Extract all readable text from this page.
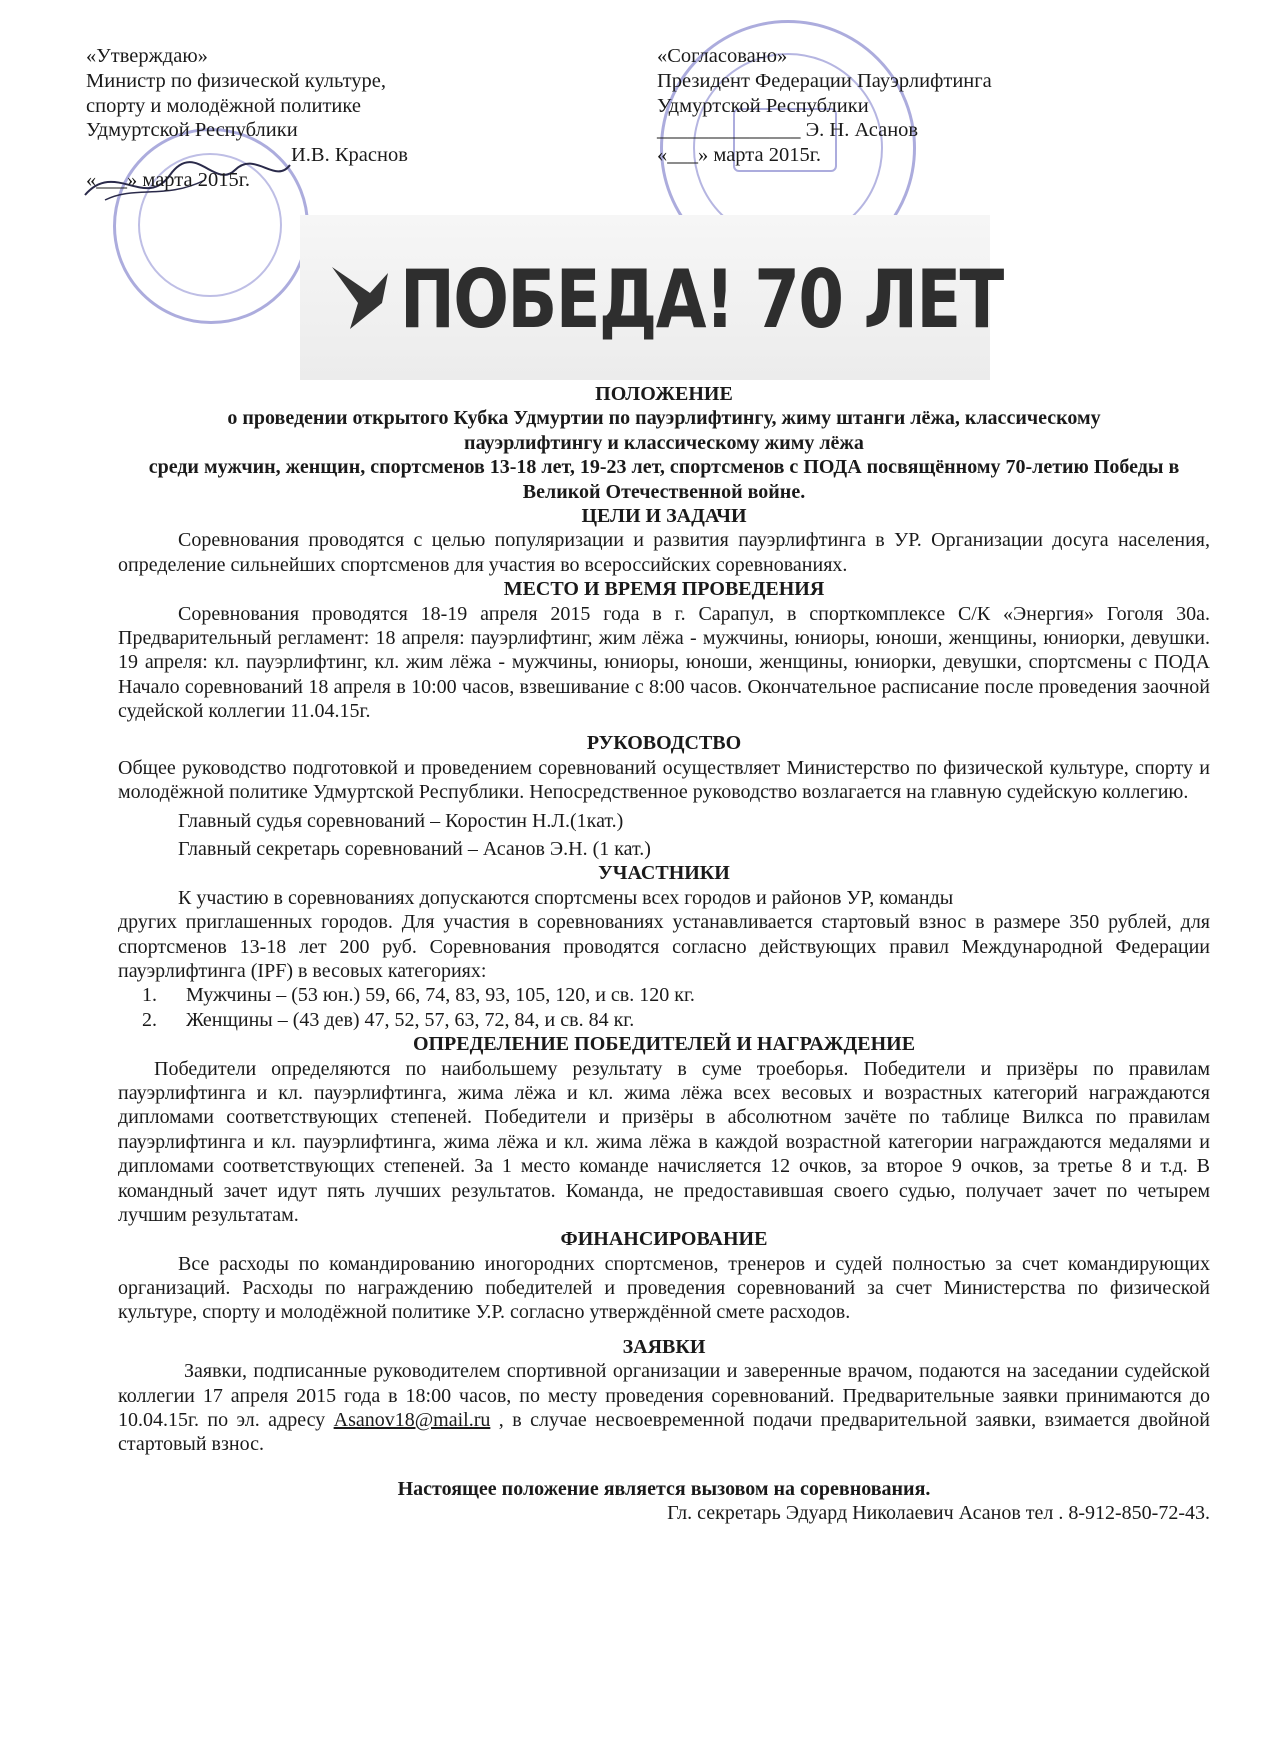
«Утверждаю»
Министр по физической культуре,
спорту и молодёжной политике
Удмуртской Республики
И.В. Краснов
«___» марта 2015г.
«Согласовано»
Президент Федерации Пауэрлифтинга
Удмуртской Республики
______________ Э. Н. Асанов
«___» марта 2015г.
ПОБЕДА! 70 ЛЕТ
ПОЛОЖЕНИЕ
о проведении открытого Кубка Удмуртии по пауэрлифтингу, жиму штанги лёжа, классическому пауэрлифтингу и классическому жиму лёжа
среди мужчин, женщин, спортсменов 13-18 лет, 19-23 лет, спортсменов с ПОДА посвящённому 70-летию Победы в Великой Отечественной войне.
ЦЕЛИ И ЗАДАЧИ

Соревнования проводятся с целью популяризации и развития пауэрлифтинга в УР. Организации досуга населения, определение сильнейших спортсменов для участия во всероссийских соревнованиях.

МЕСТО И ВРЕМЯ ПРОВЕДЕНИЯ

Соревнования проводятся 18-19 апреля 2015 года в г. Сарапул, в спорткомплексе С/К «Энергия» Гоголя 30а. Предварительный регламент: 18 апреля: пауэрлифтинг, жим лёжа - мужчины, юниоры, юноши, женщины, юниорки, девушки. 19 апреля: кл. пауэрлифтинг, кл. жим лёжа - мужчины, юниоры, юноши, женщины, юниорки, девушки, спортсмены с ПОДА Начало соревнований 18 апреля в 10:00 часов, взвешивание с 8:00 часов. Окончательное расписание после проведения заочной судейской коллегии 11.04.15г.

РУКОВОДСТВО

Общее руководство подготовкой и проведением соревнований осуществляет Министерство по физической культуре, спорту и молодёжной политике Удмуртской Республики. Непосредственное руководство возлагается на главную судейскую коллегию.

Главный судья соревнований – Коростин Н.Л.(1кат.)

Главный секретарь соревнований – Асанов Э.Н. (1 кат.)

УЧАСТНИКИ

К участию в соревнованиях допускаются спортсмены всех городов и районов УР, команды

других приглашенных городов. Для участия в соревнованиях устанавливается стартовый взнос в размере 350 рублей, для спортсменов 13-18 лет 200 руб. Соревнования проводятся согласно действующих правил Международной Федерации пауэрлифтинга (IPF) в весовых категориях:

1. Мужчины – (53 юн.) 59, 66, 74, 83, 93, 105, 120, и св. 120 кг.
2. Женщины – (43 дев) 47, 52, 57, 63, 72, 84, и св. 84 кг.
ОПРЕДЕЛЕНИЕ ПОБЕДИТЕЛЕЙ И НАГРАЖДЕНИЕ

Победители определяются по наибольшему результату в суме троеборья. Победители и призёры по правилам пауэрлифтинга и кл. пауэрлифтинга, жима лёжа и кл. жима лёжа всех весовых и возрастных категорий награждаются дипломами соответствующих степеней. Победители и призёры в абсолютном зачёте по таблице Вилкса по правилам пауэрлифтинга и кл. пауэрлифтинга, жима лёжа и кл. жима лёжа в каждой возрастной категории награждаются медалями и дипломами соответствующих степеней. За 1 место команде начисляется 12 очков, за второе 9 очков, за третье 8 и т.д. В командный зачет идут пять лучших результатов. Команда, не предоставившая своего судью, получает зачет по четырем лучшим результатам.

ФИНАНСИРОВАНИЕ

Все расходы по командированию иногородних спортсменов, тренеров и судей полностью за счет командирующих организаций. Расходы по награждению победителей и проведения соревнований за счет Министерства по физической культуре, спорту и молодёжной политике У.Р. согласно утверждённой смете расходов.

ЗАЯВКИ

Заявки, подписанные руководителем спортивной организации и заверенные врачом, подаются на заседании судейской коллегии 17 апреля 2015 года в 18:00 часов, по месту проведения соревнований. Предварительные заявки принимаются до 10.04.15г. по эл. адресу Asanov18@mail.ru , в случае несвоевременной подачи предварительной заявки, взимается двойной стартовый взнос.

Настоящее положение является вызовом на соревнования.
Гл. секретарь Эдуард Николаевич Асанов тел . 8-912-850-72-43.
